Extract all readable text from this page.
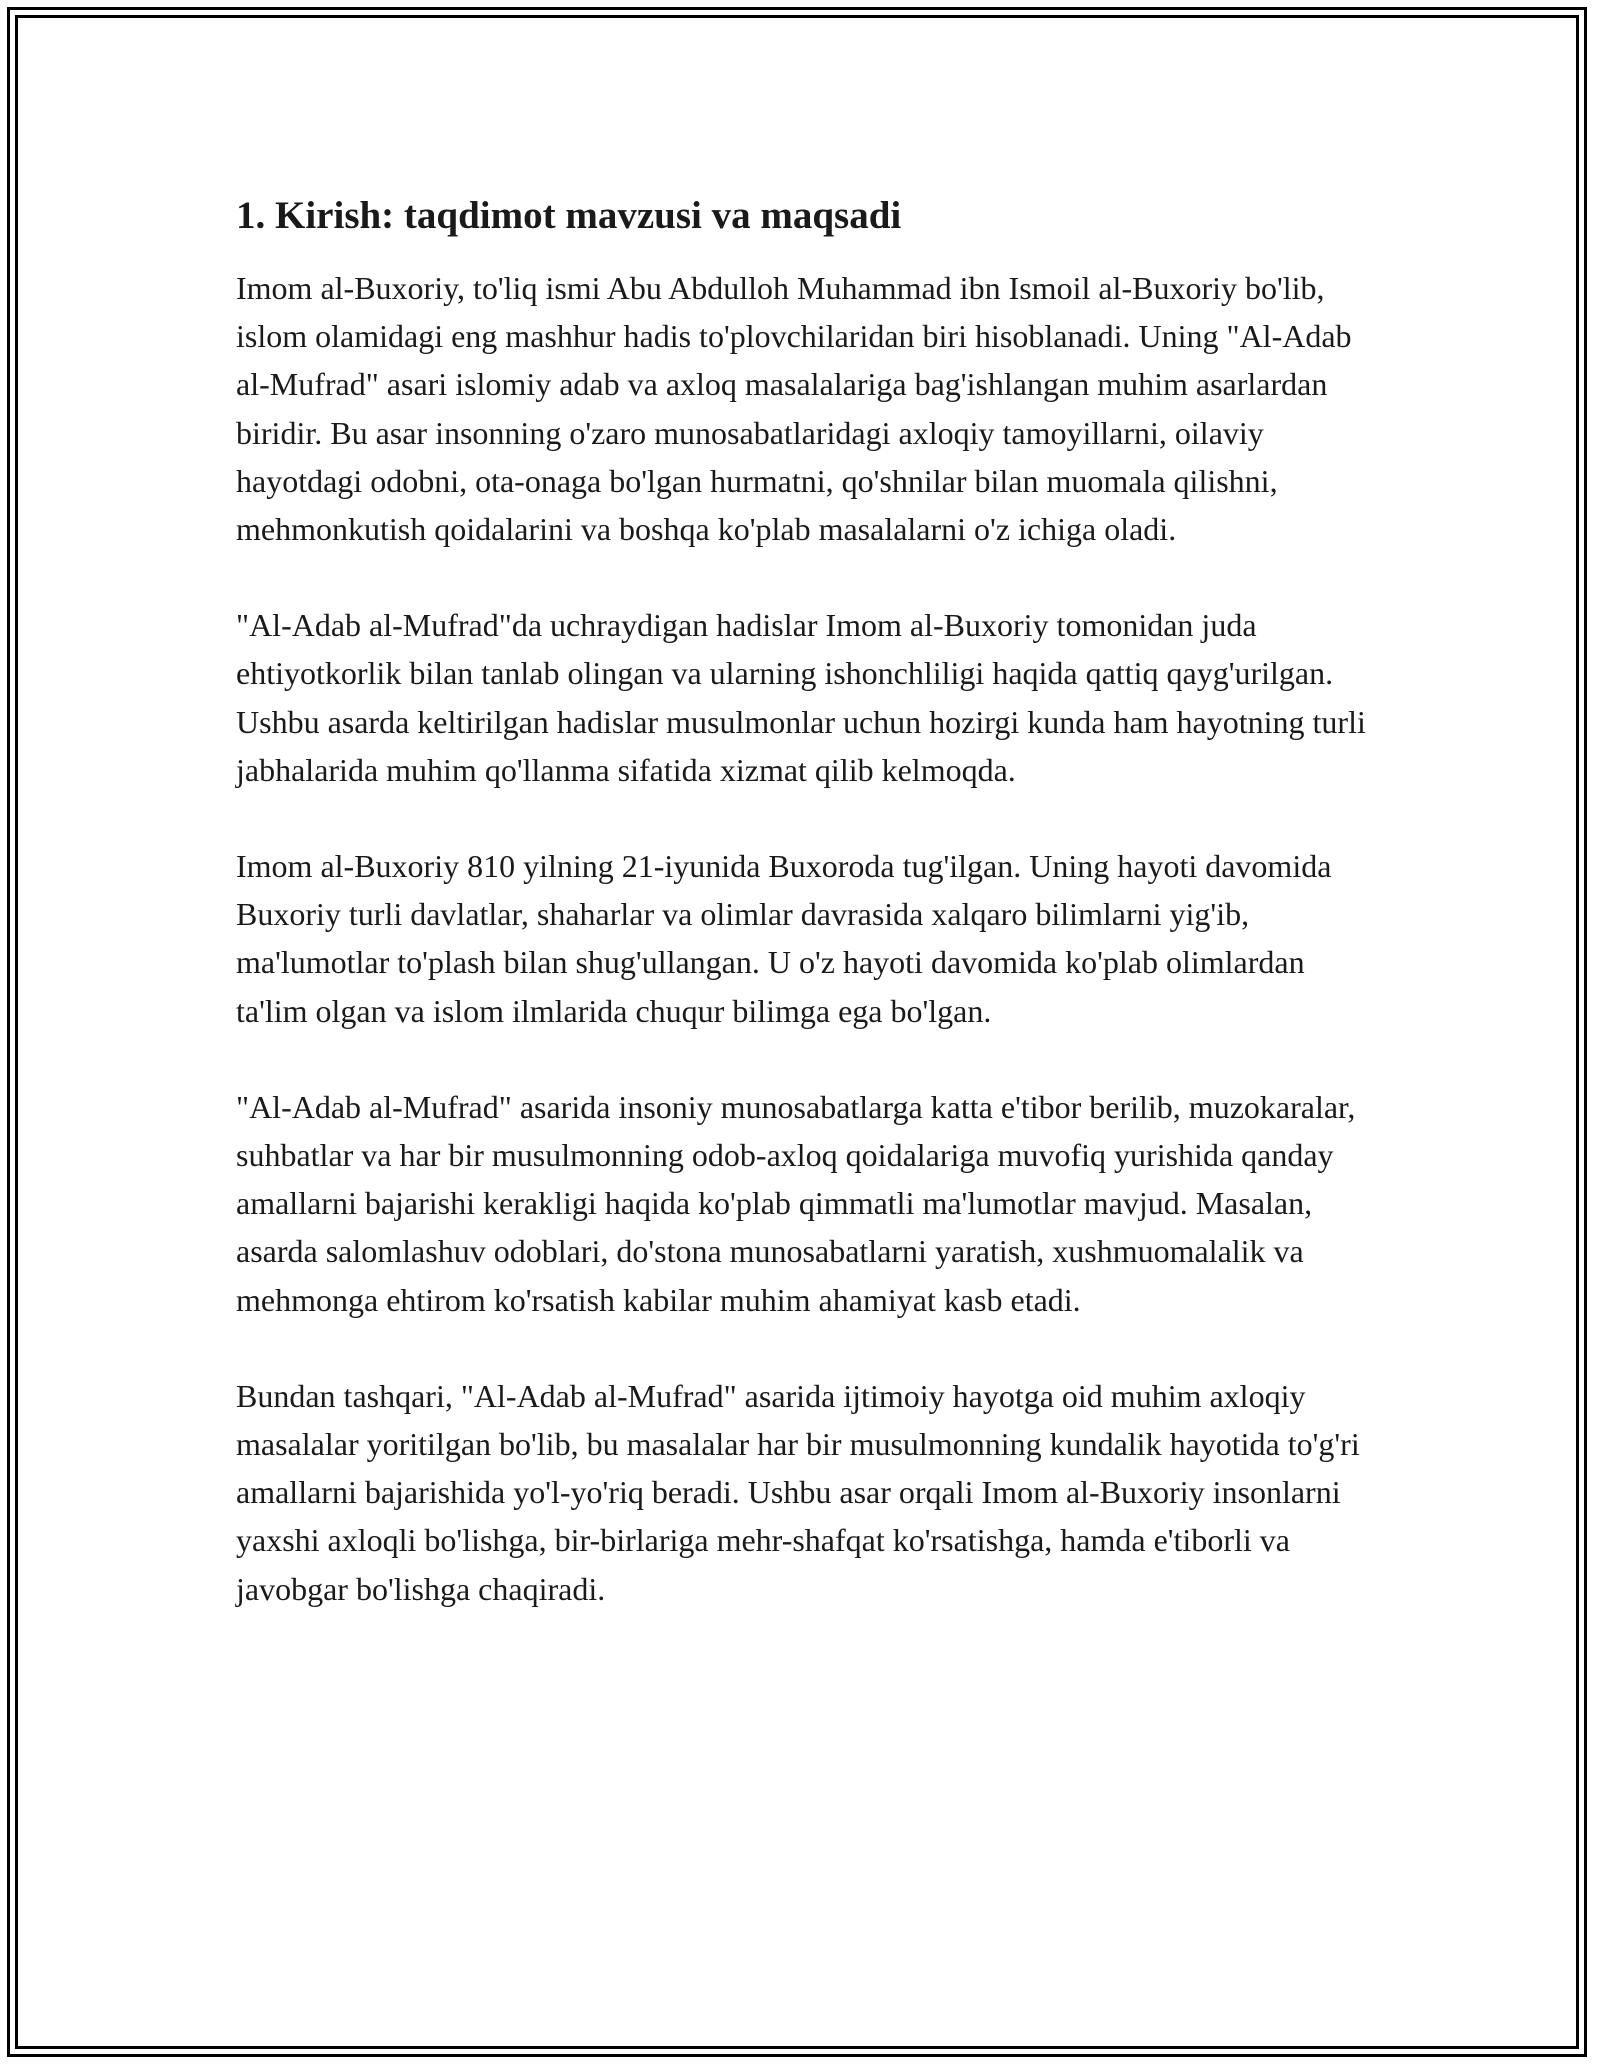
1. Kirish: taqdimot mavzusi va maqsadi

Imom al-Buxoriy, to'liq ismi Abu Abdulloh Muhammad ibn Ismoil al-Buxoriy bo'lib, islom olamidagi eng mashhur hadis to'plovchilaridan biri hisoblanadi. Uning "Al-Adab al-Mufrad" asari islomiy adab va axloq masalalariga bag'ishlangan muhim asarlardan biridir. Bu asar insonning o'zaro munosabatlaridagi axloqiy tamoyillarni, oilaviy hayotdagi odobni, ota-onaga bo'lgan hurmatni, qo'shnilar bilan muomala qilishni, mehmonkutish qoidalarini va boshqa ko'plab masalalarni o'z ichiga oladi.

"Al-Adab al-Mufrad"da uchraydigan hadislar Imom al-Buxoriy tomonidan juda ehtiyotkorlik bilan tanlab olingan va ularning ishonchliligi haqida qattiq qayg'urilgan. Ushbu asarda keltirilgan hadislar musulmonlar uchun hozirgi kunda ham hayotning turli jabhalarida muhim qo'llanma sifatida xizmat qilib kelmoqda.

Imom al-Buxoriy 810 yilning 21-iyunida Buxoroda tug'ilgan. Uning hayoti davomida Buxoriy turli davlatlar, shaharlar va olimlar davrasida xalqaro bilimlarni yig'ib, ma'lumotlar to'plash bilan shug'ullangan. U o'z hayoti davomida ko'plab olimlardan ta'lim olgan va islom ilmlarida chuqur bilimga ega bo'lgan.

"Al-Adab al-Mufrad" asarida insoniy munosabatlarga katta e'tibor berilib, muzokaralar, suhbatlar va har bir musulmonning odob-axloq qoidalariga muvofiq yurishida qanday amallarni bajarishi kerakligi haqida ko'plab qimmatli ma'lumotlar mavjud. Masalan, asarda salomlashuv odoblari, do'stona munosabatlarni yaratish, xushmuomalalik va mehmonga ehtirom ko'rsatish kabilar muhim ahamiyat kasb etadi.

Bundan tashqari, "Al-Adab al-Mufrad" asarida ijtimoiy hayotga oid muhim axloqiy masalalar yoritilgan bo'lib, bu masalalar har bir musulmonning kundalik hayotida to'g'ri amallarni bajarishida yo'l-yo'riq beradi. Ushbu asar orqali Imom al-Buxoriy insonlarni yaxshi axloqli bo'lishga, bir-birlariga mehr-shafqat ko'rsatishga, hamda e'tiborli va javobgar bo'lishga chaqiradi.
